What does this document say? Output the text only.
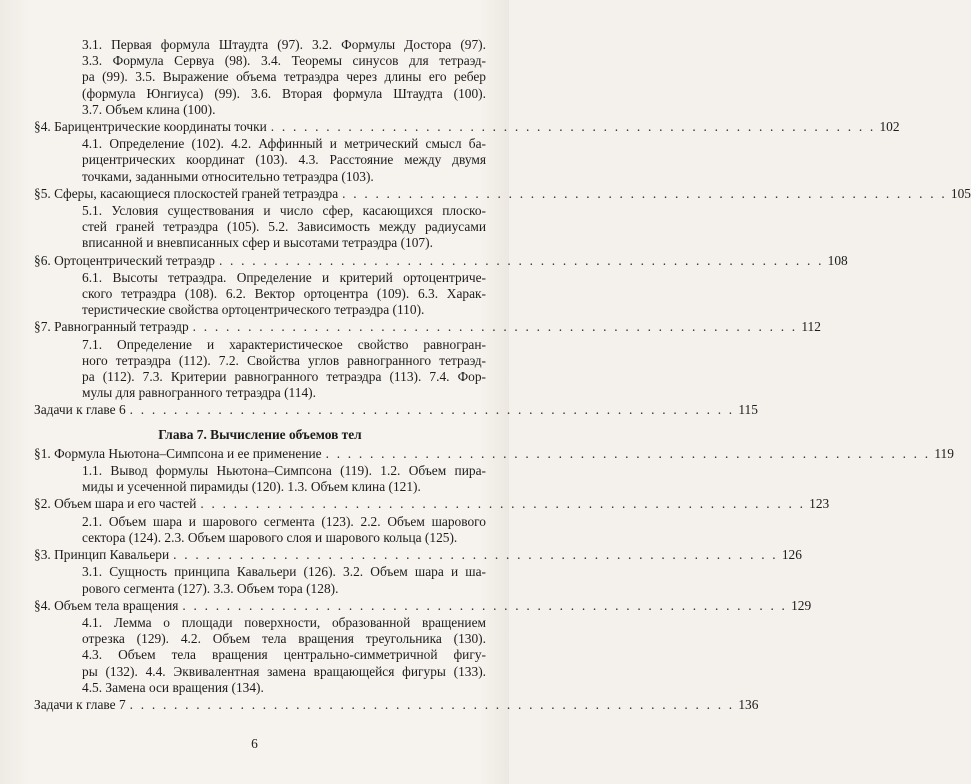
3.1. Первая формула Штаудта (97). 3.2. Формулы Достора (97).

3.3. Формула Сервуа (98). 3.4. Теоремы синусов для тетраэд-

ра (99). 3.5. Выражение объема тетраэдра через длины его ребер

(формула Юнгиуса) (99). 3.6. Вторая формула Штаудта (100).

3.7. Объем клина (100).

§4. Барицентрические координаты точки . . . . . . . . . . . . . . . . . . . . . . . . . . . . . . . . . . . . . . . . . . . . . . . . . . . . . . . 102

4.1. Определение (102). 4.2. Аффинный и метрический смысл ба-

рицентрических координат (103). 4.3. Расстояние между двумя

точками, заданными относительно тетраэдра (103).

§5. Сферы, касающиеся плоскостей граней тетраэдра . . . . . . . . . . . . . . . . . . . . . . . . . . . . . . . . . . . . . . . . . . . . . . . . . . . . . . . 105

5.1. Условия существования и число сфер, касающихся плоско-

стей граней тетраэдра (105). 5.2. Зависимость между радиусами

вписанной и вневписанных сфер и высотами тетраэдра (107).

§6. Ортоцентрический тетраэдр . . . . . . . . . . . . . . . . . . . . . . . . . . . . . . . . . . . . . . . . . . . . . . . . . . . . . . . 108

6.1. Высоты тетраэдра. Определение и критерий ортоцентриче-

ского тетраэдра (108). 6.2. Вектор ортоцентра (109). 6.3. Харак-

теристические свойства ортоцентрического тетраэдра (110).

§7. Равногранный тетраэдр . . . . . . . . . . . . . . . . . . . . . . . . . . . . . . . . . . . . . . . . . . . . . . . . . . . . . . . 112

7.1. Определение и характеристическое свойство равногран-

ного тетраэдра (112). 7.2. Свойства углов равногранного тетраэд-

ра (112). 7.3. Критерии равногранного тетраэдра (113). 7.4. Фор-

мулы для равногранного тетраэдра (114).

Задачи к главе 6 . . . . . . . . . . . . . . . . . . . . . . . . . . . . . . . . . . . . . . . . . . . . . . . . . . . . . . . 115
Глава 7. Вычисление объемов тел
§1. Формула Ньютона–Симпсона и ее применение . . . . . . . . . . . . . . . . . . . . . . . . . . . . . . . . . . . . . . . . . . . . . . . . . . . . . . . 119

1.1. Вывод формулы Ньютона–Симпсона (119). 1.2. Объем пира-

миды и усеченной пирамиды (120). 1.3. Объем клина (121).

§2. Объем шара и его частей . . . . . . . . . . . . . . . . . . . . . . . . . . . . . . . . . . . . . . . . . . . . . . . . . . . . . . . 123

2.1. Объем шара и шарового сегмента (123). 2.2. Объем шарового

сектора (124). 2.3. Объем шарового слоя и шарового кольца (125).

§3. Принцип Кавальери . . . . . . . . . . . . . . . . . . . . . . . . . . . . . . . . . . . . . . . . . . . . . . . . . . . . . . . 126

3.1. Сущность принципа Кавальери (126). 3.2. Объем шара и ша-

рового сегмента (127). 3.3. Объем тора (128).

§4. Объем тела вращения . . . . . . . . . . . . . . . . . . . . . . . . . . . . . . . . . . . . . . . . . . . . . . . . . . . . . . . 129

4.1. Лемма о площади поверхности, образованной вращением

отрезка (129). 4.2. Объем тела вращения треугольника (130).

4.3. Объем тела вращения центрально-симметричной фигу-

ры (132). 4.4. Эквивалентная замена вращающейся фигуры (133).

4.5. Замена оси вращения (134).

Задачи к главе 7 . . . . . . . . . . . . . . . . . . . . . . . . . . . . . . . . . . . . . . . . . . . . . . . . . . . . . . . 136
6
